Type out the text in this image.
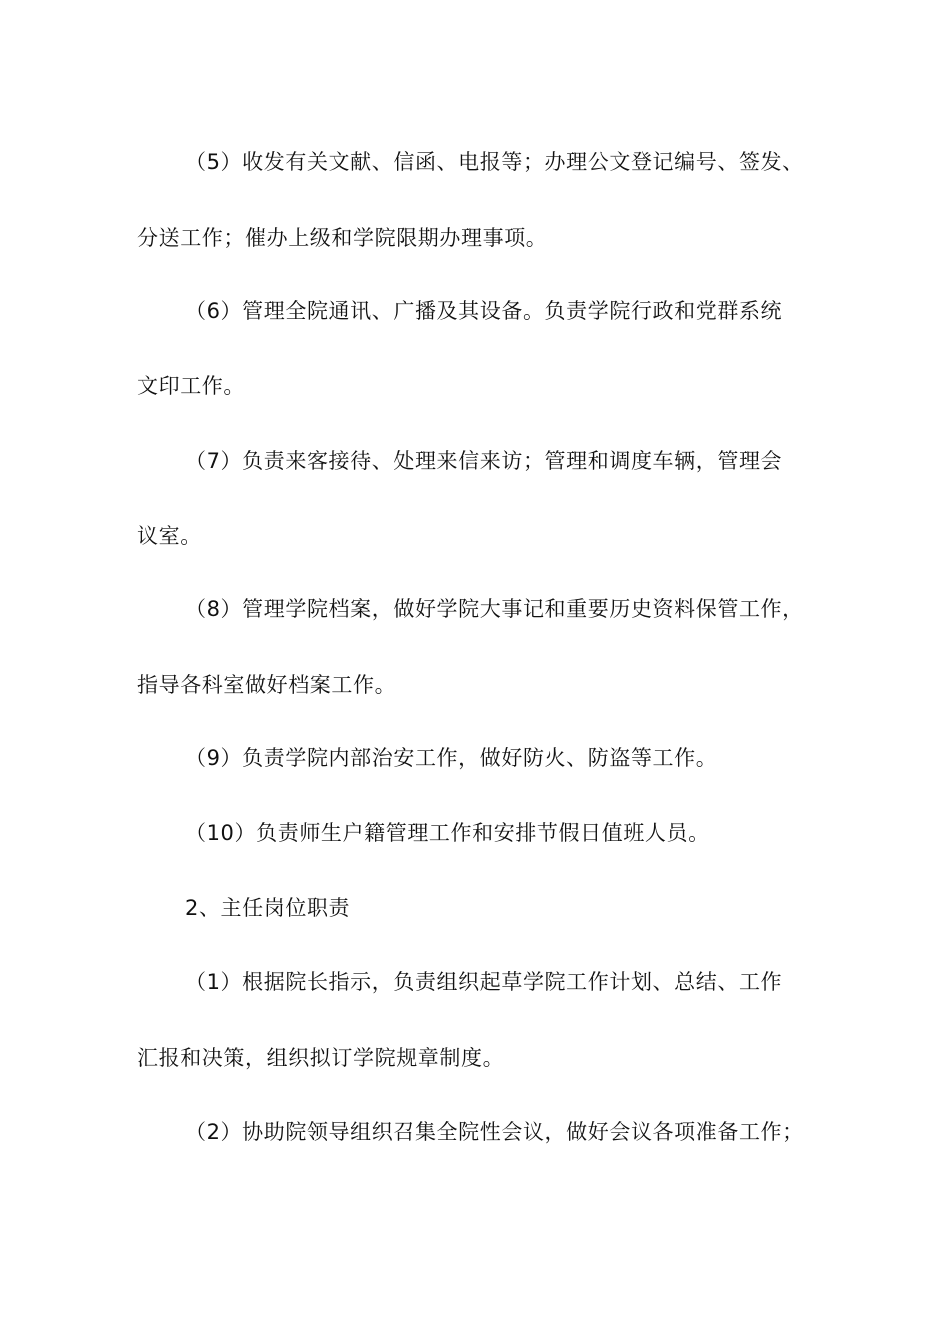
（5）收发有关文献、信函、电报等；办理公文登记编号、签发、
分送工作；催办上级和学院限期办理事项。
（6）管理全院通讯、广播及其设备。负责学院行政和党群系统
文印工作。
（7）负责来客接待、处理来信来访；管理和调度车辆，管理会
议室。
（8）管理学院档案，做好学院大事记和重要历史资料保管工作，
指导各科室做好档案工作。
（9）负责学院内部治安工作，做好防火、防盗等工作。
（10）负责师生户籍管理工作和安排节假日值班人员。
2、主任岗位职责
（1）根据院长指示，负责组织起草学院工作计划、总结、工作
汇报和决策，组织拟订学院规章制度。
（2）协助院领导组织召集全院性会议，做好会议各项准备工作；
